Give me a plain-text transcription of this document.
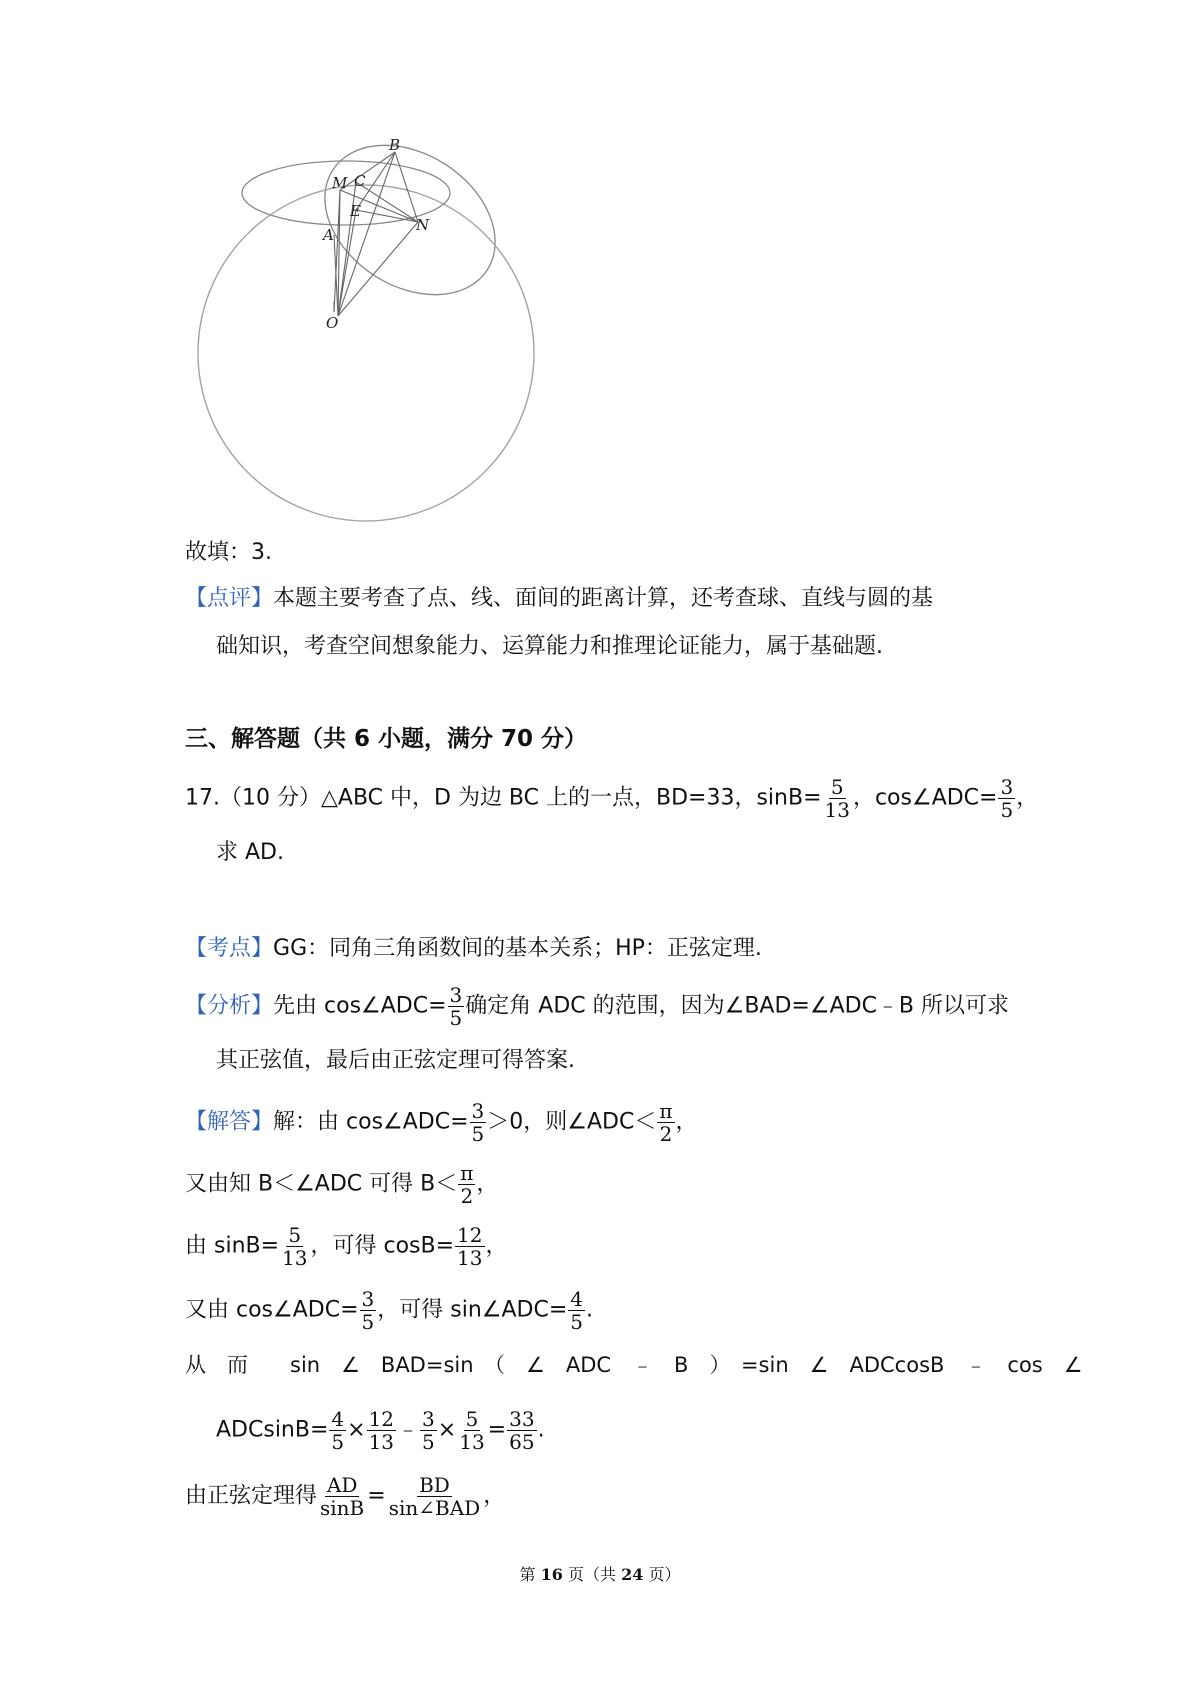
B
M C
E
N
A
O
故填：3.
【点评】本题主要考查了点、线、面间的距离计算，还考查球、直线与圆的基
础知识，考查空间想象能力、运算能力和推理论证能力，属于基础题.
三、解答题（共 6 小题，满分 70 分）
17.（10 分）△ABC 中，D 为边 BC 上的一点，BD=33，$\sin B= \frac{5}{13}$ ，cos∠ADC= $\frac{3}{5}$ ，
求 AD.
【考点】GG：同角三角函数间的基本关系；HP：正弦定理.
【分析】先由 cos∠ADC= $\frac{3}{5}$ 确定角 ADC 的范围，因为∠BAD=∠ADC﹣B 所以可求
其正弦值，最后由正弦定理可得答案.
【解答】解：由 cos∠ADC= $\frac{3}{5} >0$，则∠ADC＜ $\frac{\pi}{2}$ ，
又由知 B＜∠ADC 可得 $B< \frac{\pi}{2}$ ，
由 $\sin B= \frac{5}{13}$ ，可得 $\cos B= \frac{12}{13}$ ，
又由 cos∠ADC= $\frac{3}{5}$ ，可得 sin∠ADC= $\frac{4}{5}$ .
从　而　　sin　∠　BAD=sin　（　∠　ADC　﹣　B　）　=sin　∠　ADCcosB　﹣　cos　∠
$ADCsinB= \frac{4}{5} \times \frac{12}{13}$ ﹣ $\frac{3}{5} \times \frac{5}{13} = \frac{33}{65}$ .
由正弦定理得 $\frac{AD}{\sin B} = \frac{BD}{\text{sin∠BAD}}$ ，
第 16 页（共 24 页）
